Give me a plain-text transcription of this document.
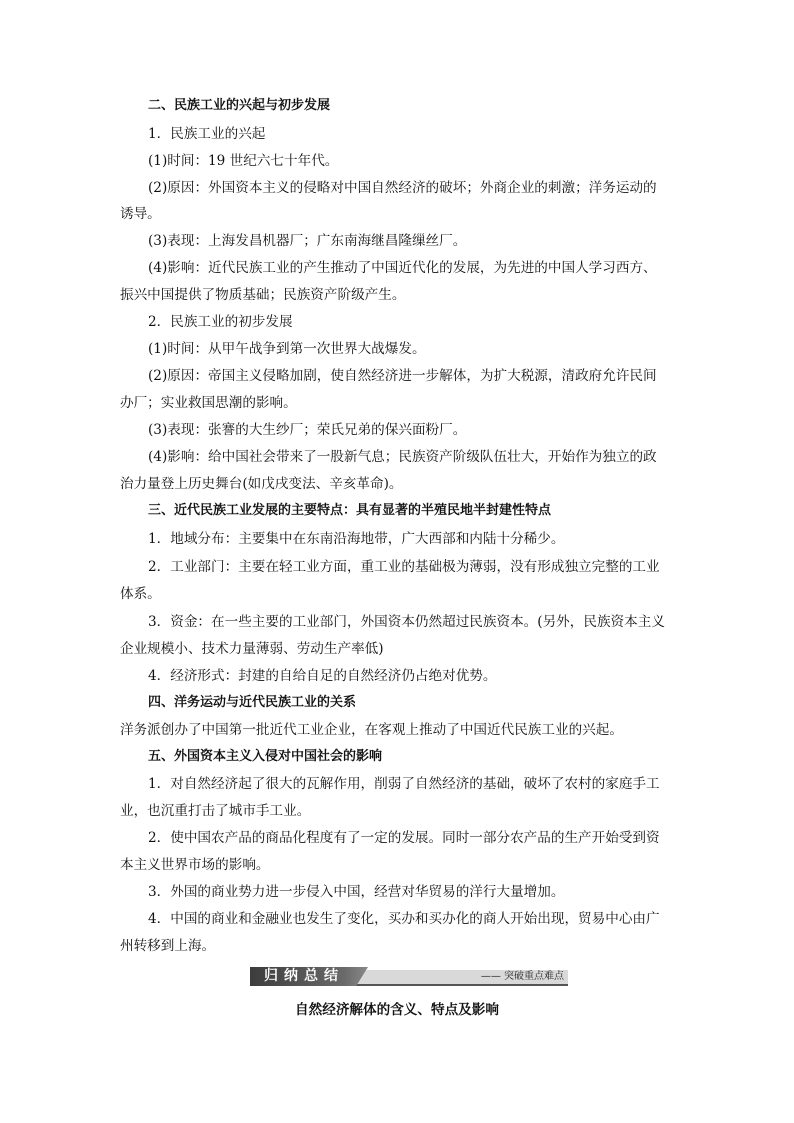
二、民族工业的兴起与初步发展
1．民族工业的兴起
(1)时间：19 世纪六七十年代。
(2)原因：外国资本主义的侵略对中国自然经济的破坏；外商企业的刺激；洋务运动的
诱导。
(3)表现：上海发昌机器厂；广东南海继昌隆缫丝厂。
(4)影响：近代民族工业的产生推动了中国近代化的发展，为先进的中国人学习西方、
振兴中国提供了物质基础；民族资产阶级产生。
2．民族工业的初步发展
(1)时间：从甲午战争到第一次世界大战爆发。
(2)原因：帝国主义侵略加剧，使自然经济进一步解体，为扩大税源，清政府允许民间
办厂；实业救国思潮的影响。
(3)表现：张謇的大生纱厂；荣氏兄弟的保兴面粉厂。
(4)影响：给中国社会带来了一股新气息；民族资产阶级队伍壮大，开始作为独立的政
治力量登上历史舞台(如戊戌变法、辛亥革命)。
三、近代民族工业发展的主要特点：具有显著的半殖民地半封建性特点
1．地域分布：主要集中在东南沿海地带，广大西部和内陆十分稀少。
2．工业部门：主要在轻工业方面，重工业的基础极为薄弱，没有形成独立完整的工业
体系。
3．资金：在一些主要的工业部门，外国资本仍然超过民族资本。(另外，民族资本主义
企业规模小、技术力量薄弱、劳动生产率低)
4．经济形式：封建的自给自足的自然经济仍占绝对优势。
四、洋务运动与近代民族工业的关系
洋务派创办了中国第一批近代工业企业，在客观上推动了中国近代民族工业的兴起。
五、外国资本主义入侵对中国社会的影响
1．对自然经济起了很大的瓦解作用，削弱了自然经济的基础，破坏了农村的家庭手工
业，也沉重打击了城市手工业。
2．使中国农产品的商品化程度有了一定的发展。同时一部分农产品的生产开始受到资
本主义世界市场的影响。
3．外国的商业势力进一步侵入中国，经营对华贸易的洋行大量增加。
4．中国的商业和金融业也发生了变化，买办和买办化的商人开始出现，贸易中心由广
州转移到上海。
归纳总结	—— 突破重点难点
自然经济解体的含义、特点及影响
